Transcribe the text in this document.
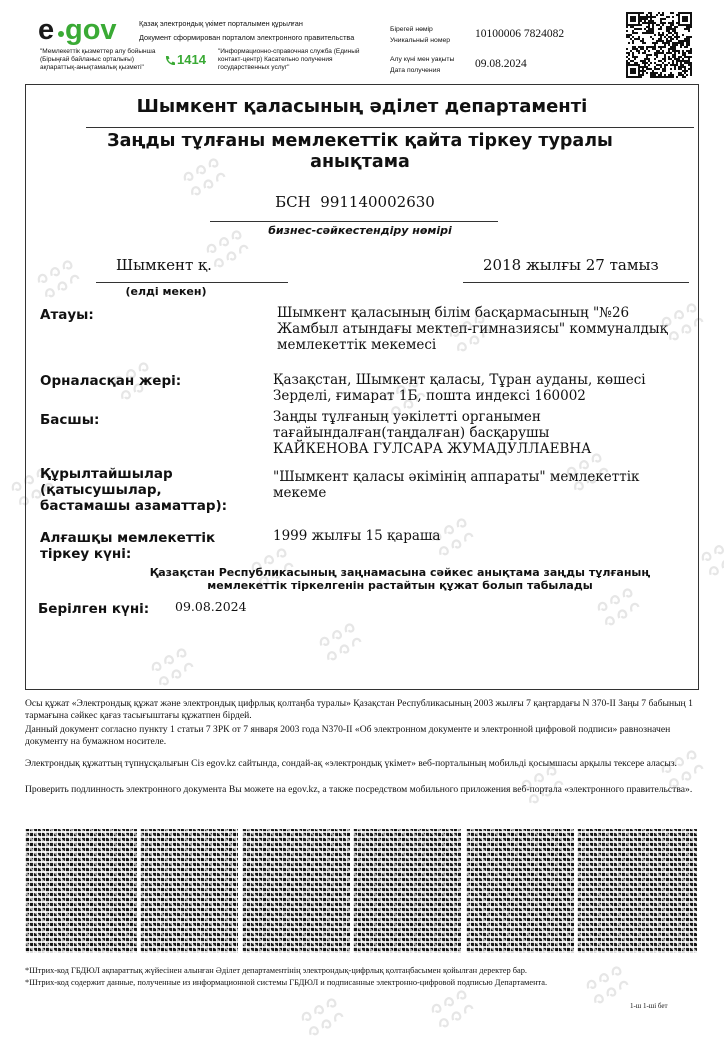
e gov	Қазақ электрондық үкімет порталымен құрылған
Документ сформирован порталом электронного правительства
"Мемлекеттік қызметтер алу бойынша (Бірыңғай байланыс орталығы) ақпараттық-анықтамалық қызметі"
1414
"Информационно-справочная служба (Единый контакт-центр) Касательно получения государственных услуг"
Бірегей нөмір
Уникальный номер
10100006 7824082
Алу күні мен уақыты
Дата получения
09.08.2024
Шымкент қаласының әділет департаменті
Заңды тұлғаны мемлекеттік қайта тіркеу туралы анықтама
БСН 991140002630
бизнес-сәйкестендіру нөмірі
Шымкент қ.
(елді мекен)
2018 жылғы 27 тамыз
Атауы:	Шымкент қаласының білім басқармасының "№26 Жамбыл атындағы мектеп-гимназиясы" коммуналдық мемлекеттік мекемесі
Орналасқан жері:	Қазақстан, Шымкент қаласы, Тұран ауданы, көшесі Зерделі, ғимарат 1Б, пошта индексі 160002
Басшы:	Заңды тұлғаның уәкілетті органымен тағайындалған(таңдалған) басқарушы КАЙКЕНОВА ГУЛСАРА ЖУМАДУЛЛАЕВНА
Құрылтайшылар (қатысушылар, бастамашы азаматтар):
"Шымкент қаласы әкімінің аппараты" мемлекеттік мекеме
Алғашқы мемлекеттік тіркеу күні:
1999 жылғы 15 қараша
Қазақстан Республикасының заңнамасына сәйкес анықтама заңды тұлғаның мемлекеттік тіркелгенін растайтын құжат болып табылады
Берілген күні: 09.08.2024
Осы құжат «Электрондық құжат және электрондық цифрлық қолтаңба туралы» Қазақстан Республикасының 2003 жылғы 7 қаңтардағы N 370-II Заңы 7 бабының 1 тармағына сәйкес қағаз тасығыштағы құжатпен бірдей.
Данный документ согласно пункту 1 статьи 7 ЗРК от 7 января 2003 года N370-II «Об электронном документе и электронной цифровой подписи» равнозначен документу на бумажном носителе.
Электрондық құжаттың түпнұсқалығын Сіз egov.kz сайтында, сондай-ақ «электрондық үкімет» веб-порталының мобильді қосымшасы арқылы тексере аласыз.
Проверить подлинность электронного документа Вы можете на egov.kz, а также посредством мобильного приложения веб-портала «электронного правительства».
*Штрих-код ГБДЮЛ ақпараттық жүйесінен алынған Әділет департаментінің электрондық-цифрлық қолтаңбасымен қойылған деректер бар.
*Штрих-код содержит данные, полученные из информационной системы ГБДЮЛ и подписанные электронно-цифровой подписью Департамента.
1-ш 1-ші бет
